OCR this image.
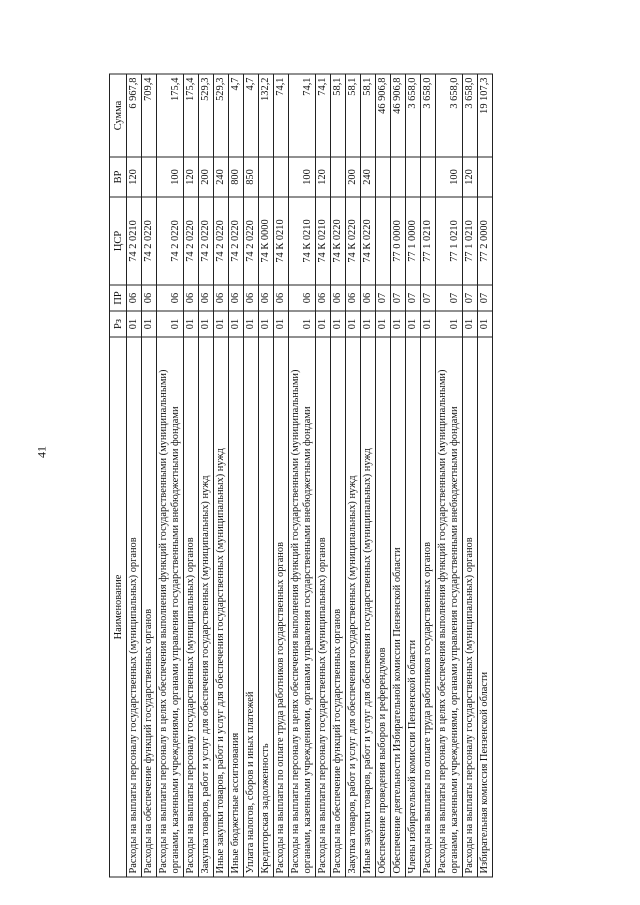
41
Наименование	Рз	ПР	ЦСР	ВР	Сумма
Расходы на выплаты персоналу государственных (муниципальных) органов	01	06	74 2 0210	120	6 967,8
Расходы на обеспечение функций государственных органов	01	06	74 2 0220		709,4
Расходы на выплаты персоналу в целях обеспечения выполнения функций государственными (муниципальными) органами, казенными учреждениями, органами управления государственными внебюджетными фондами	01	06	74 2 0220	100	175,4
Расходы на выплаты персоналу государственных (муниципальных) органов	01	06	74 2 0220	120	175,4
Закупка товаров, работ и услуг для обеспечения государственных (муниципальных) нужд	01	06	74 2 0220	200	529,3
Иные закупки товаров, работ и услуг для обеспечения государственных (муниципальных) нужд	01	06	74 2 0220	240	529,3
Иные бюджетные ассигнования	01	06	74 2 0220	800	4,7
Уплата налогов, сборов и иных платежей	01	06	74 2 0220	850	4,7
Кредиторская задолженность	01	06	74 К 0000		132,2
Расходы на выплаты по оплате труда работников государственных органов	01	06	74 К 0210		74,1
Расходы на выплаты персоналу в целях обеспечения выполнения функций государственными (муниципальными) органами, казенными учреждениями, органами управления государственными внебюджетными фондами	01	06	74 К 0210	100	74,1
Расходы на выплаты персоналу государственных (муниципальных) органов	01	06	74 К 0210	120	74,1
Расходы на обеспечение функций государственных органов	01	06	74 К 0220		58,1
Закупка товаров, работ и услуг для обеспечения государственных (муниципальных) нужд	01	06	74 К 0220	200	58,1
Иные закупки товаров, работ и услуг для обеспечения государственных (муниципальных) нужд	01	06	74 К 0220	240	58,1
Обеспечение проведения выборов и референдумов	01	07			46 906,8
Обеспечение деятельности Избирательной комиссии Пензенской области	01	07	77 0 0000		46 906,8
Члены избирательной комиссии Пензенской области	01	07	77 1 0000		3 658,0
Расходы на выплаты по оплате труда работников государственных органов	01	07	77 1 0210		3 658,0
Расходы на выплаты персоналу в целях обеспечения выполнения функций государственными (муниципальными) органами, казенными учреждениями, органами управления государственными внебюджетными фондами	01	07	77 1 0210	100	3 658,0
Расходы на выплаты персоналу государственных (муниципальных) органов	01	07	77 1 0210	120	3 658,0
Избирательная комиссия Пензенской области	01	07	77 2 0000		19 107,3
